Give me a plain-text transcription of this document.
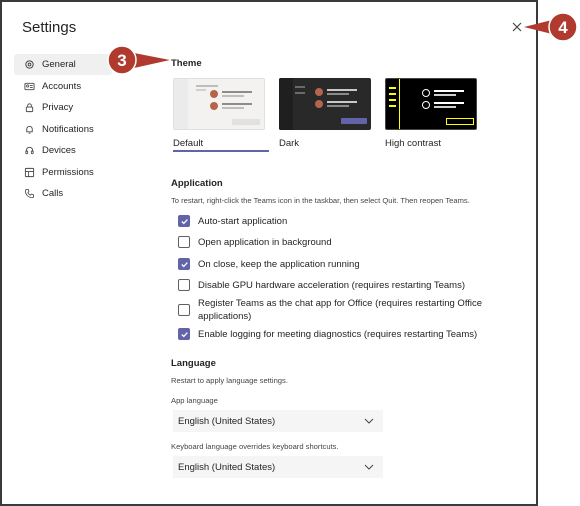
Settings
General
Accounts
Privacy
Notifications
Devices
Permissions
Calls
Theme
Default	Dark	High contrast
Application
To restart, right-click the Teams icon in the taskbar, then select Quit. Then reopen Teams.
Auto-start application
Open application in background
On close, keep the application running
Disable GPU hardware acceleration (requires restarting Teams)
Register Teams as the chat app for Office (requires restarting Office applications)
Enable logging for meeting diagnostics (requires restarting Teams)
Language
Restart to apply language settings.
App language
English (United States)
Keyboard language overrides keyboard shortcuts.
English (United States)
3
4
